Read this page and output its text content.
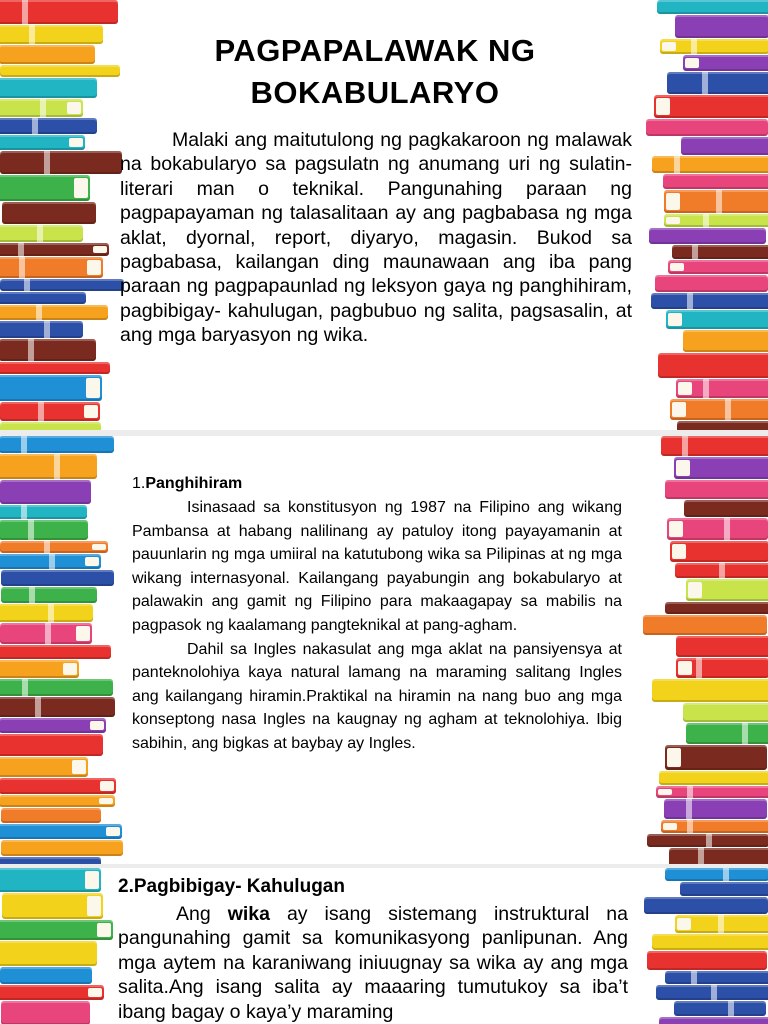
PAGPAPALAWAK NG
BOKABULARYO
Malaki ang maitutulong ng pagkakaroon ng malawak na bokabularyo sa pagsulatn ng anumang uri ng sulatin- literari man o teknikal. Pangunahing paraan ng pagpapayaman ng talasalitaan ay ang pagbabasa ng mga aklat, dyornal, report, diyaryo, magasin. Bukod sa pagbabasa, kailangan ding maunawaan ang iba pang paraan ng pagpapaunlad ng leksyon gaya ng panghihiram, pagbibigay- kahulugan, pagbubuo ng salita, pagsasalin, at ang mga baryasyon ng wika.
1.Panghihiram
Isinasaad sa konstitusyon ng 1987 na Filipino ang wikang Pambansa at habang nalilinang ay patuloy itong payayamanin at pauunlarin ng mga umiiral na katutubong wika sa Pilipinas at ng mga wikang internasyonal. Kailangang payabungin ang bokabularyo at palawakin ang gamit ng Filipino para makaagapay sa mabilis na pagpasok ng kaalamang pangteknikal at pang-agham.
Dahil sa Ingles nakasulat ang mga aklat na pansiyensya at panteknolohiya kaya natural lamang na maraming salitang Ingles ang kailangang hiramin.Praktikal na hiramin na nang buo ang mga konseptong nasa Ingles na kaugnay ng agham at teknolohiya. Ibig sabihin, ang bigkas at baybay ay Ingles.
2.Pagbibigay- Kahulugan
Ang wika ay isang sistemang instruktural na pangunahing gamit sa komunikasyong panlipunan. Ang mga aytem na karaniwang iniuugnay sa wika ay ang mga salita.Ang isang salita ay maaaring tumutukoy sa iba’t ibang bagay o kaya’y maraming
